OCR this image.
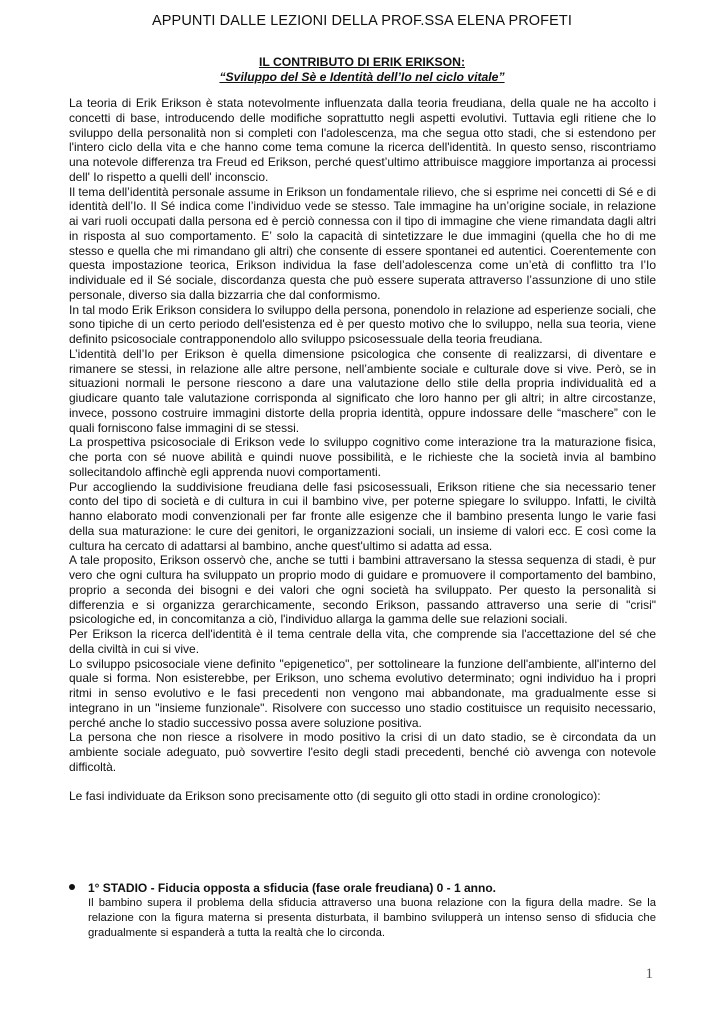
APPUNTI DALLE LEZIONI DELLA PROF.SSA ELENA PROFETI
IL CONTRIBUTO DI ERIK ERIKSON:
“Sviluppo del Sè e Identità dell’Io nel ciclo vitale”

La teoria di Erik Erikson è stata notevolmente influenzata dalla teoria freudiana, della quale ne ha accolto i concetti di base, introducendo delle modifiche soprattutto negli aspetti evolutivi. Tuttavia egli ritiene che lo sviluppo della personalità non si completi con l'adolescenza, ma che segua otto stadi, che si estendono per l'intero ciclo della vita e che hanno come tema comune la ricerca dell'identità. In questo senso, riscontriamo una notevole differenza tra Freud ed Erikson, perché quest’ultimo attribuisce maggiore importanza ai processi dell' Io rispetto a quelli dell' inconscio.

Il tema dell’identità personale assume in Erikson un fondamentale rilievo, che si esprime nei concetti di Sé e di identità dell’Io. Il Sé indica come l’individuo vede se stesso. Tale immagine ha un’origine sociale, in relazione ai vari ruoli occupati dalla persona ed è perciò connessa con il tipo di immagine che viene rimandata dagli altri in risposta al suo comportamento. E’ solo la capacità di sintetizzare le due immagini (quella che ho di me stesso e quella che mi rimandano gli altri) che consente di essere spontanei ed autentici. Coerentemente con questa impostazione teorica, Erikson individua la fase dell’adolescenza come un’età di conflitto tra l’Io individuale ed il Sé sociale, discordanza questa che può essere superata attraverso l’assunzione di uno stile personale, diverso sia dalla bizzarria che dal conformismo.

In tal modo Erik Erikson considera lo sviluppo della persona, ponendolo in relazione ad esperienze sociali, che sono tipiche di un certo periodo dell'esistenza ed è per questo motivo che lo sviluppo, nella sua teoria, viene definito psicosociale contrapponendolo allo sviluppo psicosessuale della teoria freudiana.

L’identità dell’Io per Erikson è quella dimensione psicologica che consente di realizzarsi, di diventare e rimanere se stessi, in relazione alle altre persone, nell’ambiente sociale e culturale dove si vive. Però, se in situazioni normali le persone riescono a dare una valutazione dello stile della propria individualità ed a giudicare quanto tale valutazione corrisponda al significato che loro hanno per gli altri; in altre circostanze, invece, possono costruire immagini distorte della propria identità, oppure indossare delle “maschere” con le quali forniscono false immagini di se stessi.

La prospettiva psicosociale di Erikson vede lo sviluppo cognitivo come interazione tra la maturazione fisica, che porta con sé nuove abilità e quindi nuove possibilità, e le richieste che la società invia al bambino sollecitandolo affinchè egli apprenda nuovi comportamenti.

Pur accogliendo la suddivisione freudiana delle fasi psicosessuali, Erikson ritiene che sia necessario tener conto del tipo di società e di cultura in cui il bambino vive, per poterne spiegare lo sviluppo. Infatti, le civiltà hanno elaborato modi convenzionali per far fronte alle esigenze che il bambino presenta lungo le varie fasi della sua maturazione: le cure dei genitori, le organizzazioni sociali, un insieme di valori ecc. E così come la cultura ha cercato di adattarsi al bambino, anche quest'ultimo si adatta ad essa.

A tale proposito, Erikson osservò che, anche se tutti i bambini attraversano la stessa sequenza di stadi, è pur vero che ogni cultura ha sviluppato un proprio modo di guidare e promuovere il comportamento del bambino, proprio a seconda dei bisogni e dei valori che ogni società ha sviluppato. Per questo la personalità si differenzia e si organizza gerarchicamente, secondo Erikson, passando attraverso una serie di "crisi" psicologiche ed, in concomitanza a ciò, l'individuo allarga la gamma delle sue relazioni sociali.

Per Erikson la ricerca dell'identità è il tema centrale della vita, che comprende sia l'accettazione del sé che della civiltà in cui si vive.

Lo sviluppo psicosociale viene definito "epigenetico", per sottolineare la funzione dell'ambiente, all'interno del quale si forma. Non esisterebbe, per Erikson, uno schema evolutivo determinato; ogni individuo ha i propri ritmi in senso evolutivo e le fasi precedenti non vengono mai abbandonate, ma gradualmente esse si integrano in un "insieme funzionale". Risolvere con successo uno stadio costituisce un requisito necessario, perché anche lo stadio successivo possa avere soluzione positiva.

La persona che non riesce a risolvere in modo positivo la crisi di un dato stadio, se è circondata da un ambiente sociale adeguato, può sovvertire l'esito degli stadi precedenti, benché ciò avvenga con notevole difficoltà.

Le fasi individuate da Erikson sono precisamente otto (di seguito gli otto stadi in ordine cronologico):

1° STADIO - Fiducia opposta a sfiducia (fase orale freudiana) 0 - 1 anno.
Il bambino supera il problema della sfiducia attraverso una buona relazione con la figura della madre. Se la relazione con la figura materna si presenta disturbata, il bambino svilupperà un intenso senso di sfiducia che gradualmente si espanderà a tutta la realtà che lo circonda.
1
